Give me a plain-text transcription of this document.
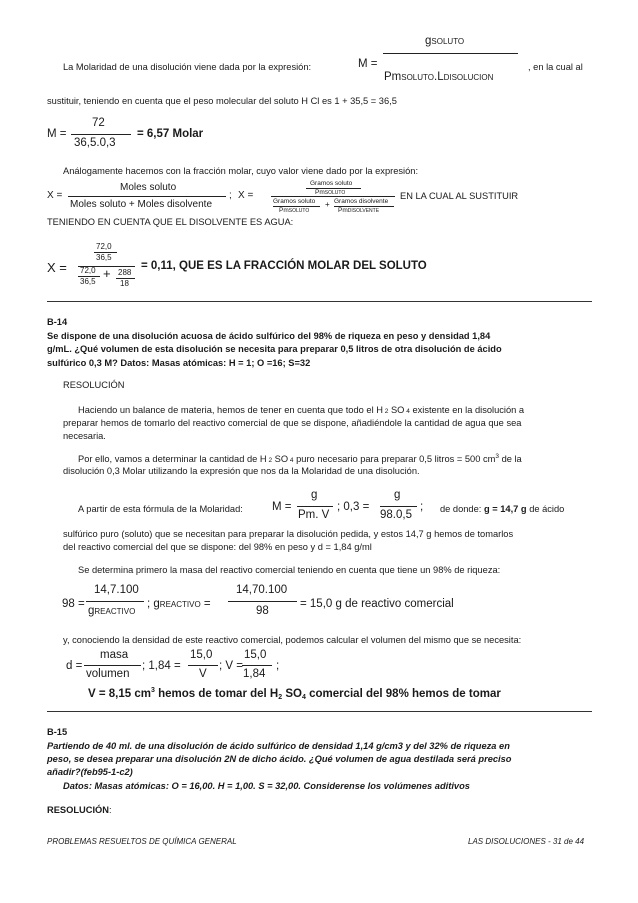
La Molaridad de una disolución viene dada por la expresión:	M =
gSOLUTO
PmSOLUTO.LDISOLUCION
, en la cual al
sustituir, teniendo en cuenta que el peso molecular del soluto H Cl es 1 + 35,5 = 36,5
M =
72
36,5.0,3
= 6,57 Molar
Análogamente hacemos con la fracción molar, cuyo valor viene dado por la expresión:
X =
Moles soluto
Moles soluto + Moles disolvente
; X =
Gramos soluto
PmSOLUTO
Gramos soluto
PmSOLUTO
+ Gramos disolvente
PmDISOLVENTE
EN LA CUAL AL SUSTITUIR
TENIENDO EN CUENTA QUE EL DISOLVENTE ES AGUA:
X =
72,0
36,5
72,0
36,5
+ 288
18
= 0,11, QUE ES LA FRACCIÓN MOLAR DEL SOLUTO
B-14
Se dispone de una disolución acuosa de ácido sulfúrico del 98% de riqueza en peso y densidad 1,84
g/mL. ¿Qué volumen de esta disolución se necesita para preparar 0,5 litros de otra disolución de ácido
sulfúrico 0,3 M? Datos: Masas atómicas: H = 1; O =16; S=32
RESOLUCIÓN
Haciendo un balance de materia, hemos de tener en cuenta que todo el H 2 SO 4 existente en la disolución a
preparar hemos de tomarlo del reactivo comercial de que se dispone, añadiéndole la cantidad de agua que sea
necesaria.
Por ello, vamos a determinar la cantidad de H 2 SO 4 puro necesario para preparar 0,5 litros = 500 $cm^3$ de la
disolución 0,3 Molar utilizando la expresión que nos da la Molaridad de una disolución.
A partir de esta fórmula de la Molaridad:	M =
g
Pm. V
; 0,3 =
g
98.0,5
; de donde: g = 14,7 g de ácido
sulfúrico puro (soluto) que se necesitan para preparar la disolución pedida, y estos 14,7 g hemos de tomarlos
del reactivo comercial del que se dispone: del 98% en peso y d = 1,84 g/ml
Se determina primero la masa del reactivo comercial teniendo en cuenta que tiene un 98% de riqueza:
98 =
14,7.100
gREACTIVO
; gREACTIVO =
14,70.100
98
= 15,0 g de reactivo comercial
y, conociendo la densidad de este reactivo comercial, podemos calcular el volumen del mismo que se necesita:
d =
masa
volumen
; 1,84 =
15,0
V
; V =
15,0
1,84
;
V = 8,15 $cm^3$ hemos de tomar del H2 SO4 comercial del 98% hemos de tomar
B-15
Partiendo de 40 ml. de una disolución de ácido sulfúrico de densidad 1,14 g/cm3 y del 32% de riqueza en
peso, se desea preparar una disolución 2N de dicho ácido. ¿Qué volumen de agua destilada será preciso
añadir?(feb95-1-c2)
Datos: Masas atómicas: O = 16,00. H = 1,00. S = 32,00. Considerense los volúmenes aditivos
RESOLUCIÓN:
PROBLEMAS RESUELTOS DE QUÍMICA GENERAL	LAS DISOLUCIONES - 31 de 44
